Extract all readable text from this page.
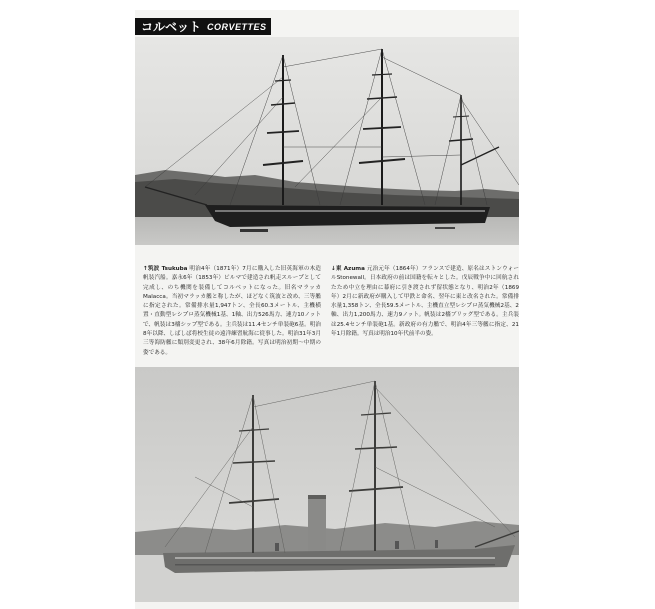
コルベット CORVETTES
↑筑波 Tsukuba 明治4年（1871年）7月に購入した旧英海軍の木造帆装汽船。嘉永6年（1853年）ビルマで建造され帆走スループとして完成し、のち機関を装備してコルベットになった。旧名マラッカMalacca。当初マラッカ艦と称したが、ほどなく筑波と改め、三等艦に指定された。常備排水量1,947トン、全長60.3メートル、主機横置・直動型レシプロ蒸気機械1基、1軸、出力526馬力、速力10ノットで、帆装は3檣シップ型である。主兵装は11.4センチ単装砲6基。明治8年以降、しばしば将校生徒の遠洋練習航海に従事した。明治31年3月三等海防艦に類別変更され、38年6月除籍。写真は明治初期〜中期の姿である。
↓東 Azuma 元治元年（1864年）フランスで建造、原名はストンウォールStonewall。日本政府の前は国籍を転々とした。戊辰戦争中に回航されたため中立を理由に幕府に引き渡されず留状態となり、明治2年（1869年）2月に新政府が購入して甲鉄と命名、翌年に東と改名された。常備排水量1,358トン、全長59.5メートル、主機直立型レシプロ蒸気機械2基、2軸、出力1,200馬力、速力9ノット。帆装は2檣ブリッグ型である。主兵装は25.4センチ単装砲1基。新政府の有力艦で、明治4年三等艦に指定、21年1月除籍。写真は明治10年代前半の姿。
